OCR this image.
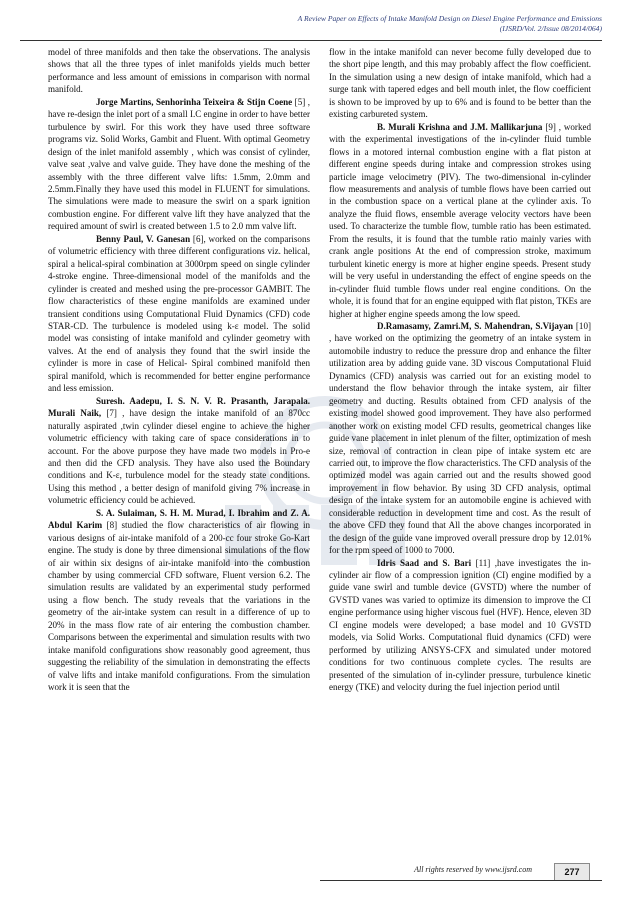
A Review Paper on Effects of Intake Manifold Design on Diesel Engine Performance and Emissions
(IJSRD/Vol. 2/Issue 08/2014/064)

model of three manifolds and then take the observations. The analysis shows that all the three types of inlet manifolds yields much better performance and less amount of emissions in comparison with normal manifold.

Jorge Martins, Senhorinha Teixeira & Stijn Coene [5] , have re-design the inlet port of a small I.C engine in order to have better turbulence by swirl. For this work they have used three software programs viz. Solid Works, Gambit and Fluent. With optimal Geometry design of the inlet manifold assembly , which was consist of cylinder, valve seat ,valve and valve guide. They have done the meshing of the assembly with the three different valve lifts: 1.5mm, 2.0mm and 2.5mm.Finally they have used this model in FLUENT for simulations. The simulations were made to measure the swirl on a spark ignition combustion engine. For different valve lift they have analyzed that the required amount of swirl is created between 1.5 to 2.0 mm valve lift.

Benny Paul, V. Ganesan [6], worked on the comparisons of volumetric efficiency with three different configurations viz. helical, spiral a helical-spiral combination at 3000rpm speed on single cylinder 4-stroke engine. Three-dimensional model of the manifolds and the cylinder is created and meshed using the pre-processor GAMBIT. The flow characteristics of these engine manifolds are examined under transient conditions using Computational Fluid Dynamics (CFD) code STAR-CD. The turbulence is modeled using k-ε model. The solid model was consisting of intake manifold and cylinder geometry with valves. At the end of analysis they found that the swirl inside the cylinder is more in case of Helical- Spiral combined manifold then spiral manifold, which is recommended for better engine performance and less emission.

Suresh. Aadepu, I. S. N. V. R. Prasanth, Jarapala. Murali Naik, [7] , have design the intake manifold of an 870cc naturally aspirated ,twin cylinder diesel engine to achieve the higher volumetric efficiency with taking care of space considerations in to account. For the above purpose they have made two models in Pro-e and then did the CFD analysis. They have also used the Boundary conditions and K-ε, turbulence model for the steady state conditions. Using this method , a better design of manifold giving 7% increase in volumetric efficiency could be achieved.

S. A. Sulaiman, S. H. M. Murad, I. Ibrahim and Z. A. Abdul Karim [8] studied the flow characteristics of air flowing in various designs of air-intake manifold of a 200-cc four stroke Go-Kart engine. The study is done by three dimensional simulations of the flow of air within six designs of air-intake manifold into the combustion chamber by using commercial CFD software, Fluent version 6.2. The simulation results are validated by an experimental study performed using a flow bench. The study reveals that the variations in the geometry of the air-intake system can result in a difference of up to 20% in the mass flow rate of air entering the combustion chamber. Comparisons between the experimental and simulation results with two intake manifold configurations show reasonably good agreement, thus suggesting the reliability of the simulation in demonstrating the effects of valve lifts and intake manifold configurations. From the simulation work it is seen that the

flow in the intake manifold can never become fully developed due to the short pipe length, and this may probably affect the flow coefficient. In the simulation using a new design of intake manifold, which had a surge tank with tapered edges and bell mouth inlet, the flow coefficient is shown to be improved by up to 6% and is found to be better than the existing carbureted system.

B. Murali Krishna and J.M. Mallikarjuna [9] , worked with the experimental investigations of the in-cylinder fluid tumble flows in a motored internal combustion engine with a flat piston at different engine speeds during intake and compression strokes using particle image velocimetry (PIV). The two-dimensional in-cylinder flow measurements and analysis of tumble flows have been carried out in the combustion space on a vertical plane at the cylinder axis. To analyze the fluid flows, ensemble average velocity vectors have been used. To characterize the tumble flow, tumble ratio has been estimated. From the results, it is found that the tumble ratio mainly varies with crank angle positions At the end of compression stroke, maximum turbulent kinetic energy is more at higher engine speeds. Present study will be very useful in understanding the effect of engine speeds on the in-cylinder fluid tumble flows under real engine conditions. On the whole, it is found that for an engine equipped with flat piston, TKEs are higher at higher engine speeds among the low speed.

D.Ramasamy, Zamri.M, S. Mahendran, S.Vijayan [10] , have worked on the optimizing the geometry of an intake system in automobile industry to reduce the pressure drop and enhance the filter utilization area by adding guide vane. 3D viscous Computational Fluid Dynamics (CFD) analysis was carried out for an existing model to understand the flow behavior through the intake system, air filter geometry and ducting. Results obtained from CFD analysis of the existing model showed good improvement. They have also performed another work on existing model CFD results, geometrical changes like guide vane placement in inlet plenum of the filter, optimization of mesh size, removal of contraction in clean pipe of intake system etc are carried out, to improve the flow characteristics. The CFD analysis of the optimized model was again carried out and the results showed good improvement in flow behavior. By using 3D CFD analysis, optimal design of the intake system for an automobile engine is achieved with considerable reduction in development time and cost. As the result of the above CFD they found that All the above changes incorporated in the design of the guide vane improved overall pressure drop by 12.01% for the rpm speed of 1000 to 7000.

Idris Saad and S. Bari [11] ,have investigates the in-cylinder air flow of a compression ignition (CI) engine modified by a guide vane swirl and tumble device (GVSTD) where the number of GVSTD vanes was varied to optimize its dimension to improve the CI engine performance using higher viscous fuel (HVF). Hence, eleven 3D CI engine models were developed; a base model and 10 GVSTD models, via Solid Works. Computational fluid dynamics (CFD) were performed by utilizing ANSYS-CFX and simulated under motored conditions for two continuous complete cycles. The results are presented of the simulation of in-cylinder pressure, turbulence kinetic energy (TKE) and velocity during the fuel injection period until

All rights reserved by www.ijsrd.com	277
